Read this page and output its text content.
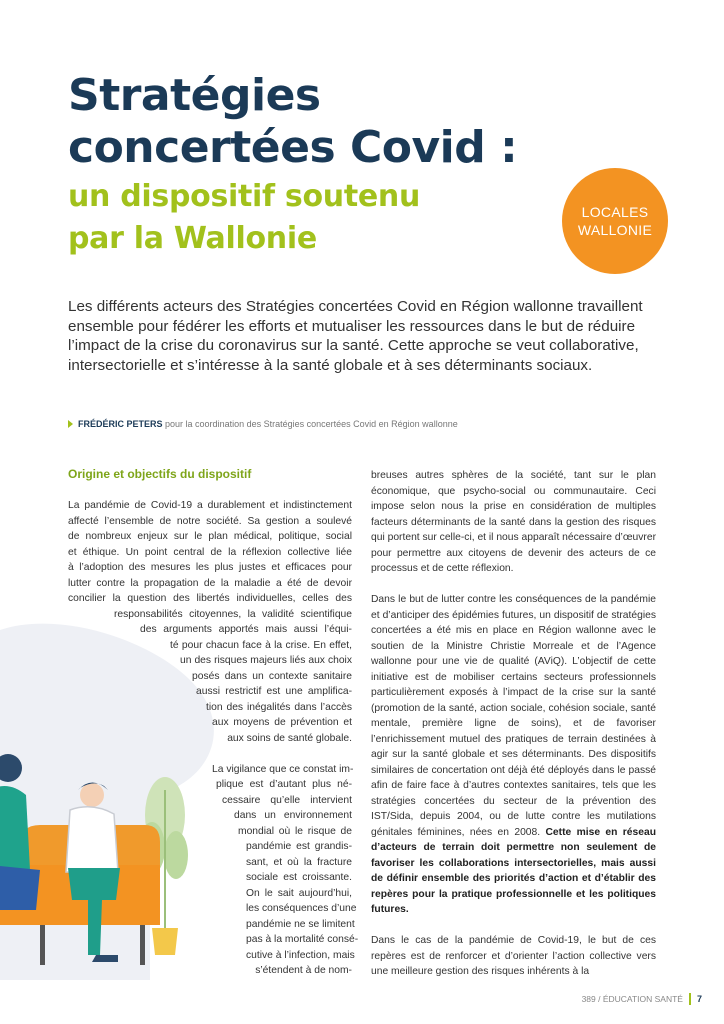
Stratégies
concertées Covid :
un dispositif soutenu
par la Wallonie
LOCALES
WALLONIE

Les différents acteurs des Stratégies concertées Covid en Région wallonne travaillent ensemble pour fédérer les efforts et mutualiser les ressources dans le but de réduire l’impact de la crise du coronavirus sur la santé. Cette approche se veut collaborative, intersectorielle et s’intéresse à la santé globale et à ses déterminants sociaux.

FRÉDÉRIC PETERS pour la coordination des Stratégies concertées Covid en Région wallonne
Origine et objectifs du dispositif
La pandémie de Covid-19 a durablement et indistinctement
affecté l’ensemble de notre société. Sa gestion a soulevé
de nombreux enjeux sur le plan médical, politique, social
et éthique. Un point central de la réflexion collective liée
à l’adoption des mesures les plus justes et efficaces pour
lutter contre la propagation de la maladie a été de devoir
concilier la question des libertés individuelles, celles des
responsabilités citoyennes, la validité scientifique
des arguments apportés mais aussi l’équi-
té pour chacun face à la crise. En effet,
un des risques majeurs liés aux choix
posés dans un contexte sanitaire
aussi restrictif est une amplifica-
tion des inégalités dans l’accès
aux moyens de prévention et
aux soins de santé globale.
La vigilance que ce constat im-
plique est d’autant plus né-
cessaire qu’elle intervient
dans un environnement
mondial où le risque de
pandémie est grandis-
sant, et où la fracture
sociale est croissante.
On le sait aujourd’hui,
les conséquences d’une
pandémie ne se limitent
pas à la mortalité consé-
cutive à l’infection, mais
s’étendent à de nom-

breuses autres sphères de la société, tant sur le plan économique, que psycho-social ou communautaire. Ceci impose selon nous la prise en considération de multiples facteurs déterminants de la santé dans la gestion des risques qui portent sur celle-ci, et il nous apparaît nécessaire d’œuvrer pour permettre aux citoyens de devenir des acteurs de ce processus et de cette réflexion.

Dans le but de lutter contre les conséquences de la pandémie et d’anticiper des épidémies futures, un dispositif de stratégies concertées a été mis en place en Région wallonne avec le soutien de la Ministre Christie Morreale et de l’Agence wallonne pour une vie de qualité (AViQ). L’objectif de cette initiative est de mobiliser certains secteurs professionnels particulièrement exposés à l’impact de la crise sur la santé (promotion de la santé, action sociale, cohésion sociale, santé mentale, première ligne de soins), et de favoriser l’enrichissement mutuel des pratiques de terrain destinées à agir sur la santé globale et ses déterminants. Des dispositifs similaires de concertation ont déjà été déployés dans le passé afin de faire face à d’autres contextes sanitaires, tels que les stratégies concertées du secteur de la prévention des IST/Sida, depuis 2004, ou de lutte contre les mutilations génitales féminines, nées en 2008. Cette mise en réseau d’acteurs de terrain doit permettre non seulement de favoriser les collaborations intersectorielles, mais aussi de définir ensemble des priorités d’action et d’établir des repères pour la pratique professionnelle et les politiques futures.

Dans le cas de la pandémie de Covid-19, le but de ces repères est de renforcer et d’orienter l’action collective vers une meilleure gestion des risques inhérents à la

389 / ÉDUCATION SANTÉ 7
